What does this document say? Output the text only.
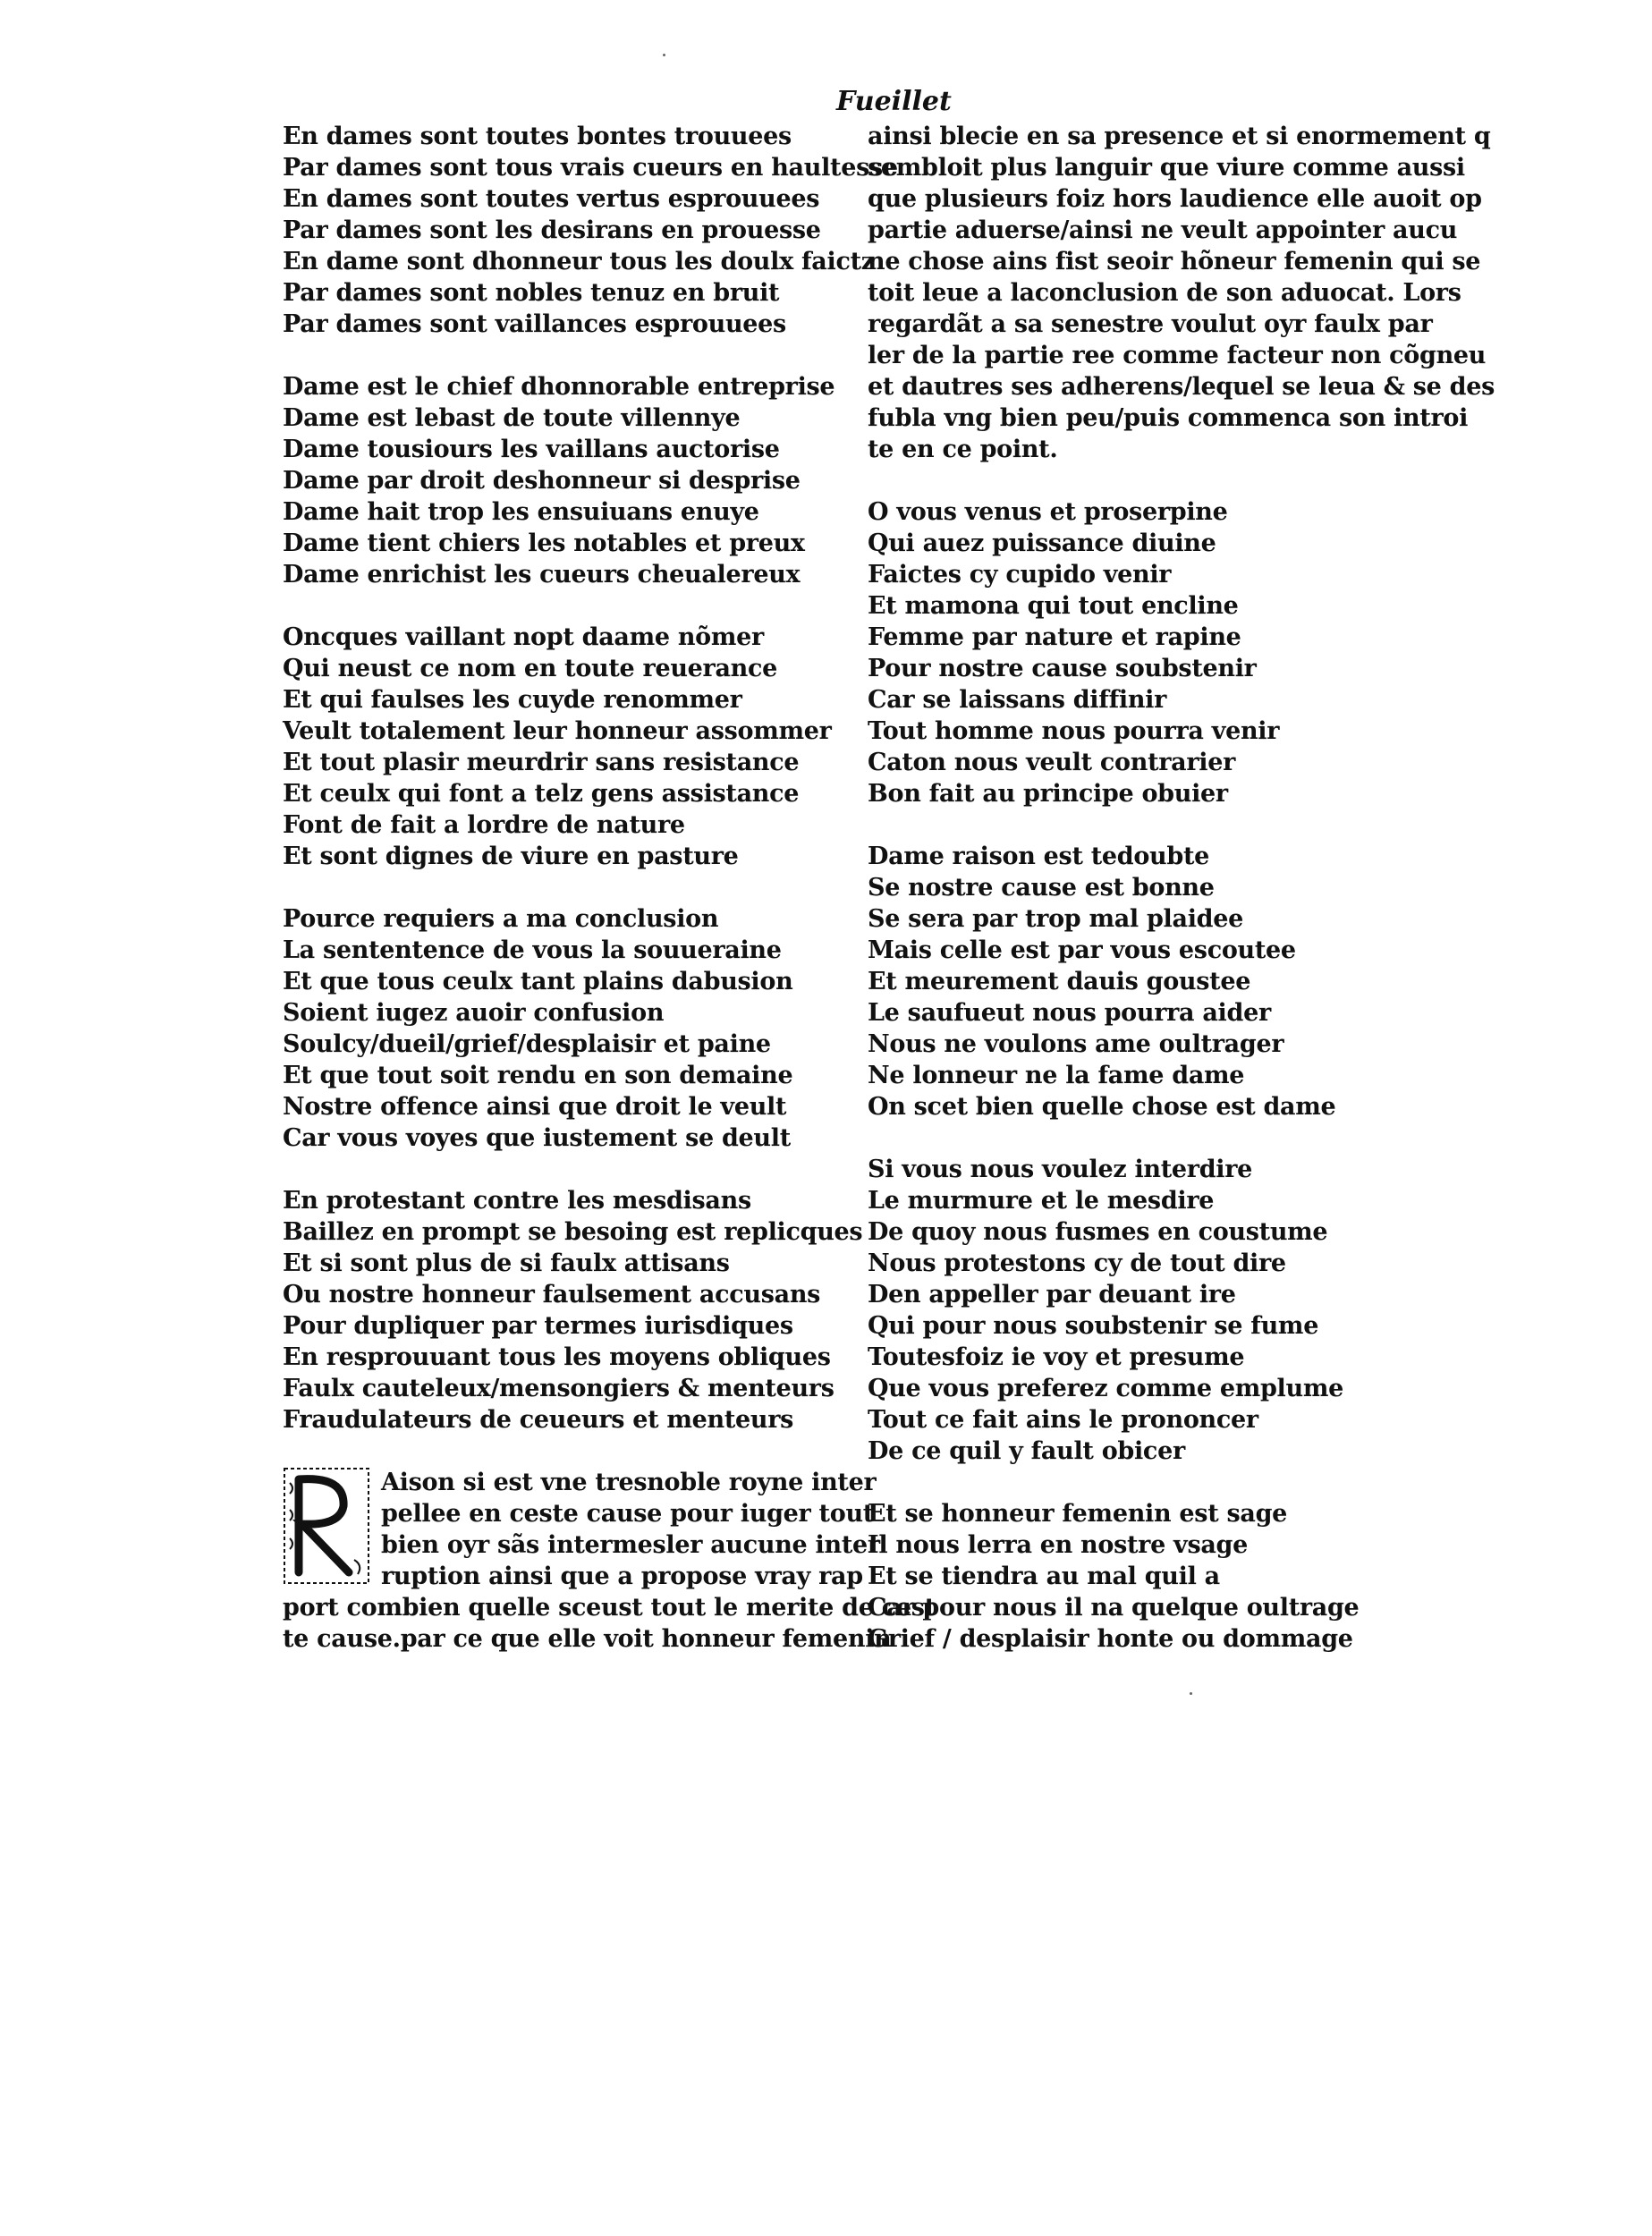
Fueillet
En dames sont toutes bontes trouuees
Par dames sont tous vrais cueurs en haultesse
En dames sont toutes vertus esprouuees
Par dames sont les desirans en prouesse
En dame sont dhonneur tous les doulx faictz
Par dames sont nobles tenuz en bruit
Par dames sont vaillances esprouuees
Dame est le chief dhonnorable entreprise
Dame est lebast de toute villennye
Dame tousiours les vaillans auctorise
Dame par droit deshonneur si desprise
Dame hait trop les ensuiuans enuye
Dame tient chiers les notables et preux
Dame enrichist les cueurs cheualereux
Oncques vaillant nopt daame nõmer
Qui neust ce nom en toute reuerance
Et qui faulses les cuyde renommer
Veult totalement leur honneur assommer
Et tout plasir meurdrir sans resistance
Et ceulx qui font a telz gens assistance
Font de fait a lordre de nature
Et sont dignes de viure en pasture
Pource requiers a ma conclusion
La sententence de vous la souueraine
Et que tous ceulx tant plains dabusion
Soient iugez auoir confusion
Soulcy/dueil/grief/desplaisir et paine
Et que tout soit rendu en son demaine
Nostre offence ainsi que droit le veult
Car vous voyes que iustement se deult
En protestant contre les mesdisans
Baillez en prompt se besoing est replicques
Et si sont plus de si faulx attisans
Ou nostre honneur faulsement accusans
Pour dupliquer par termes iurisdiques
En resprouuant tous les moyens obliques
Faulx cauteleux/mensongiers & menteurs
Fraudulateurs de ceueurs et menteurs
Aison si est vne tresnoble royne inter
pellee en ceste cause pour iuger tout
bien oyr sãs intermesler aucune inter
ruption ainsi que a propose vray rap
port combien quelle sceust tout le merite de cest
te cause.par ce que elle voit honneur femenin
ainsi blecie en sa presence et si enormement q
sembloit plus languir que viure comme aussi
que plusieurs foiz hors laudience elle auoit op
partie aduerse/ainsi ne veult appointer aucu
ne chose ains fist seoir hõneur femenin qui se
toit leue a laconclusion de son aduocat. Lors
regardãt a sa senestre voulut oyr faulx par
ler de la partie ree comme facteur non cõgneu
et dautres ses adherens/lequel se leua & se des
fubla vng bien peu/puis commenca son introi
te en ce point.
O vous venus et proserpine
Qui auez puissance diuine
Faictes cy cupido venir
Et mamona qui tout encline
Femme par nature et rapine
Pour nostre cause soubstenir
Car se laissans diffinir
Tout homme nous pourra venir
Caton nous veult contrarier
Bon fait au principe obuier
Dame raison est tedoubte
Se nostre cause est bonne
Se sera par trop mal plaidee
Mais celle est par vous escoutee
Et meurement dauis goustee
Le saufueut nous pourra aider
Nous ne voulons ame oultrager
Ne lonneur ne la fame dame
On scet bien quelle chose est dame
Si vous nous voulez interdire
Le murmure et le mesdire
De quoy nous fusmes en coustume
Nous protestons cy de tout dire
Den appeller par deuant ire
Qui pour nous soubstenir se fume
Toutesfoiz ie voy et presume
Que vous preferez comme emplume
Tout ce fait ains le prononcer
De ce quil y fault obicer
Et se honneur femenin est sage
Il nous lerra en nostre vsage
Et se tiendra au mal quil a
Car pour nous il na quelque oultrage
Grief / desplaisir honte ou dommage
